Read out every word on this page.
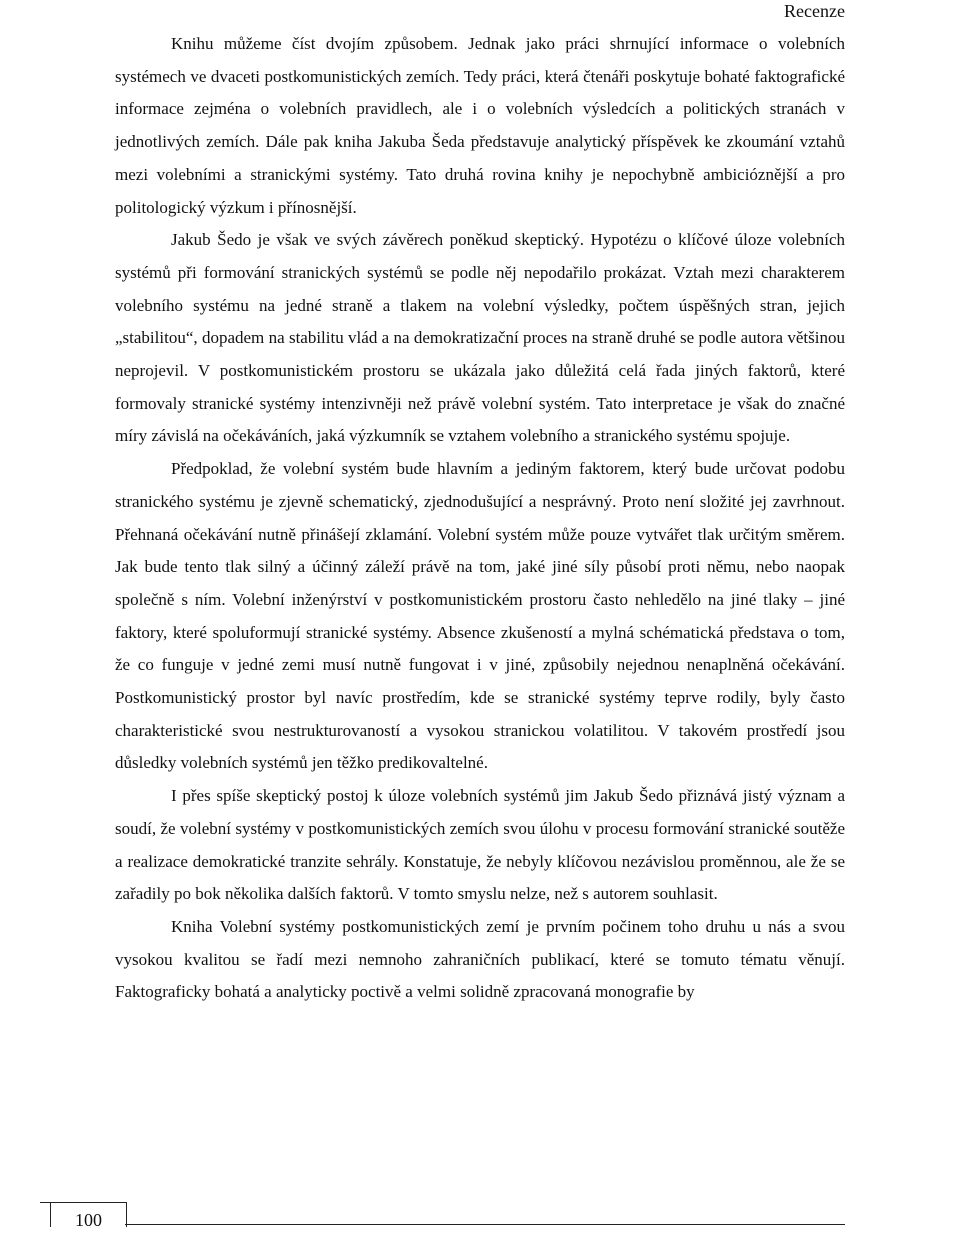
Recenze

Knihu můžeme číst dvojím způsobem. Jednak jako práci shrnující informace o volebních systémech ve dvaceti postkomunistických zemích. Tedy práci, která čtenáři poskytuje bohaté faktografické informace zejména o volebních pravidlech, ale i o volebních výsledcích a politických stranách v jednotlivých zemích. Dále pak kniha Jakuba Šeda představuje analytický příspěvek ke zkoumání vztahů mezi volebními a stranickými systémy. Tato druhá rovina knihy je nepochybně ambicióznější a pro politologický výzkum i přínosnější.

Jakub Šedo je však ve svých závěrech poněkud skeptický. Hypotézu o klíčové úloze volebních systémů při formování stranických systémů se podle něj nepodařilo prokázat. Vztah mezi charakterem volebního systému na jedné straně a tlakem na volební výsledky, počtem úspěšných stran, jejich „stabilitou“, dopadem na stabilitu vlád a na demokratizační proces na straně druhé se podle autora většinou neprojevil. V postkomunistickém prostoru se ukázala jako důležitá celá řada jiných faktorů, které formovaly stranické systémy intenzivněji než právě volební systém. Tato interpretace je však do značné míry závislá na očekáváních, jaká výzkumník se vztahem volebního a stranického systému spojuje.

Předpoklad, že volební systém bude hlavním a jediným faktorem, který bude určovat podobu stranického systému je zjevně schematický, zjednodušující a nesprávný. Proto není složité jej zavrhnout. Přehnaná očekávání nutně přinášejí zklamání. Volební systém může pouze vytvářet tlak určitým směrem. Jak bude tento tlak silný a účinný záleží právě na tom, jaké jiné síly působí proti němu, nebo naopak společně s ním. Volební inženýrství v postkomunistickém prostoru často nehledělo na jiné tlaky – jiné faktory, které spoluformují stranické systémy. Absence zkušeností a mylná schématická představa o tom, že co funguje v jedné zemi musí nutně fungovat i v jiné, způsobily nejednou nenaplněná očekávání. Postkomunistický prostor byl navíc prostředím, kde se stranické systémy teprve rodily, byly často charakteristické svou nestrukturovaností a vysokou stranickou volatilitou. V takovém prostředí jsou důsledky volebních systémů jen těžko predikovaltelné.

I přes spíše skeptický postoj k úloze volebních systémů jim Jakub Šedo přiznává jistý význam a soudí, že volební systémy v postkomunistických zemích svou úlohu v procesu formování stranické soutěže a realizace demokratické tranzite sehrály. Konstatuje, že nebyly klíčovou nezávislou proměnnou, ale že se zařadily po bok několika dalších faktorů. V tomto smyslu nelze, než s autorem souhlasit.

Kniha Volební systémy postkomunistických zemí je prvním počinem toho druhu u nás a svou vysokou kvalitou se řadí mezi nemnoho zahraničních publikací, které se tomuto tématu věnují. Faktograficky bohatá a analyticky poctivě a velmi solidně zpracovaná monografie by

100
